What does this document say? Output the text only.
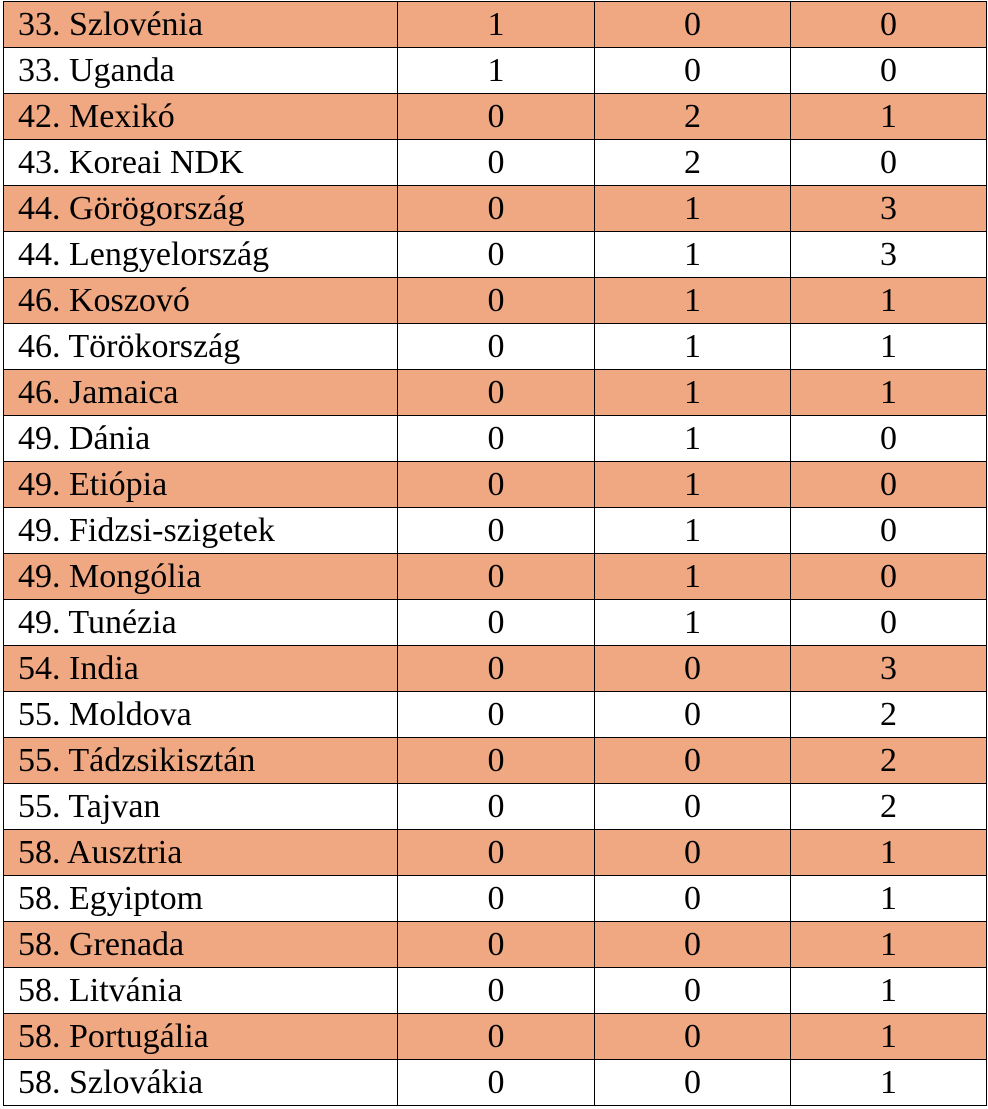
33. Szlovénia	1	0	0
33. Uganda	1	0	0
42. Mexikó	0	2	1
43. Koreai NDK	0	2	0
44. Görögország	0	1	3
44. Lengyelország	0	1	3
46. Koszovó	0	1	1
46. Törökország	0	1	1
46. Jamaica	0	1	1
49. Dánia	0	1	0
49. Etiópia	0	1	0
49. Fidzsi-szigetek	0	1	0
49. Mongólia	0	1	0
49. Tunézia	0	1	0
54. India	0	0	3
55. Moldova	0	0	2
55. Tádzsikisztán	0	0	2
55. Tajvan	0	0	2
58. Ausztria	0	0	1
58. Egyiptom	0	0	1
58. Grenada	0	0	1
58. Litvánia	0	0	1
58. Portugália	0	0	1
58. Szlovákia	0	0	1
